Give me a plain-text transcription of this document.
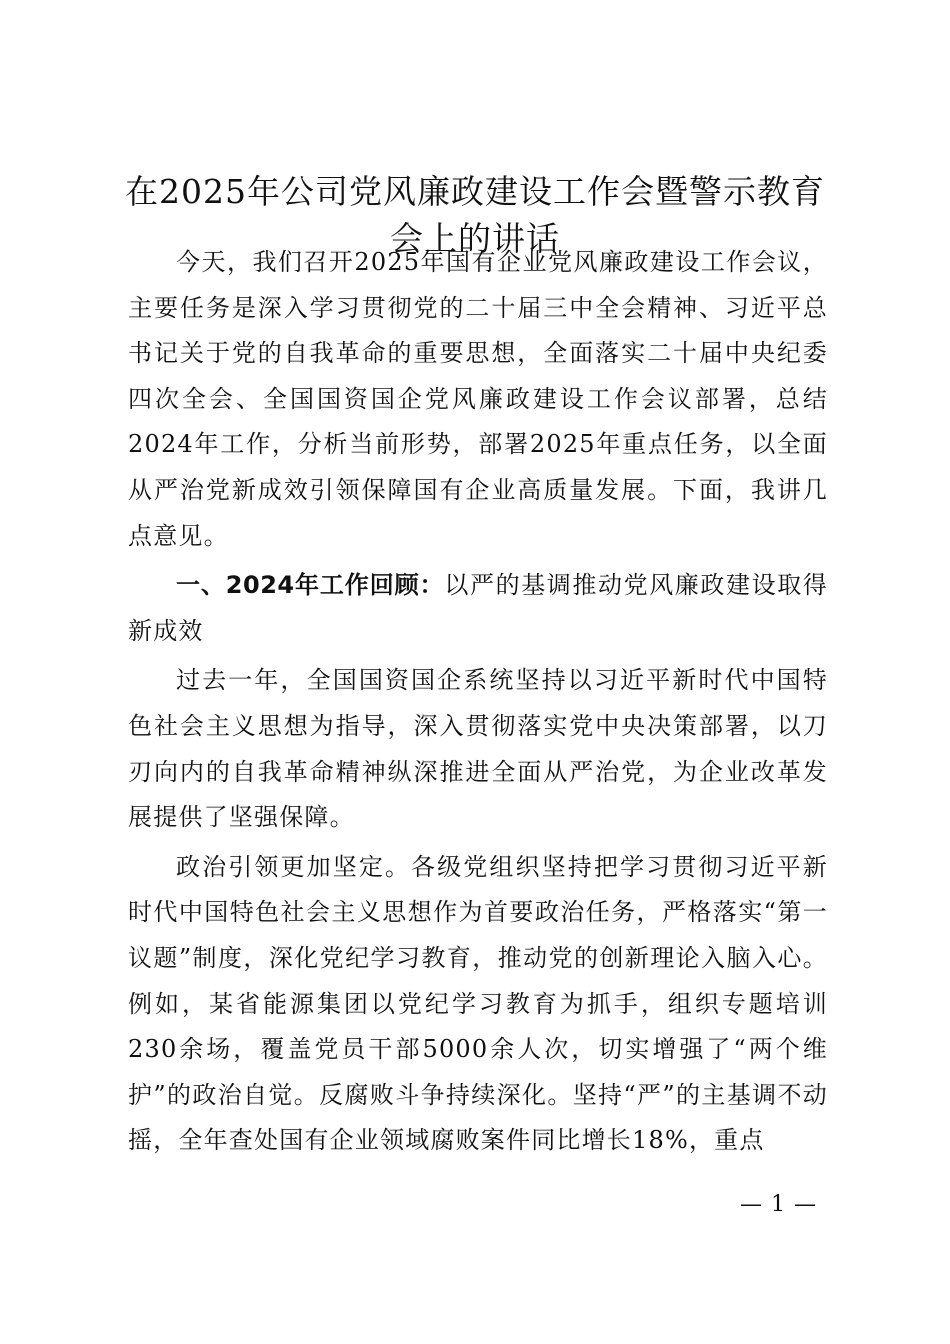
在2025年公司党风廉政建设工作会暨警示教育会上的讲话

今天，我们召开2025年国有企业党风廉政建设工作会议，主要任务是深入学习贯彻党的二十届三中全会精神、习近平总书记关于党的自我革命的重要思想，全面落实二十届中央纪委四次全会、全国国资国企党风廉政建设工作会议部署，总结2024年工作，分析当前形势，部署2025年重点任务，以全面从严治党新成效引领保障国有企业高质量发展。下面，我讲几点意见。

一、2024年工作回顾：以严的基调推动党风廉政建设取得新成效

过去一年，全国国资国企系统坚持以习近平新时代中国特色社会主义思想为指导，深入贯彻落实党中央决策部署，以刀刃向内的自我革命精神纵深推进全面从严治党，为企业改革发展提供了坚强保障。

政治引领更加坚定。各级党组织坚持把学习贯彻习近平新时代中国特色社会主义思想作为首要政治任务，严格落实“第一议题”制度，深化党纪学习教育，推动党的创新理论入脑入心。例如，某省能源集团以党纪学习教育为抓手，组织专题培训230余场，覆盖党员干部5000余人次，切实增强了“两个维护”的政治自觉。反腐败斗争持续深化。坚持“严”的主基调不动摇，全年查处国有企业领域腐败案件同比增长18%，重点

— 1 —
